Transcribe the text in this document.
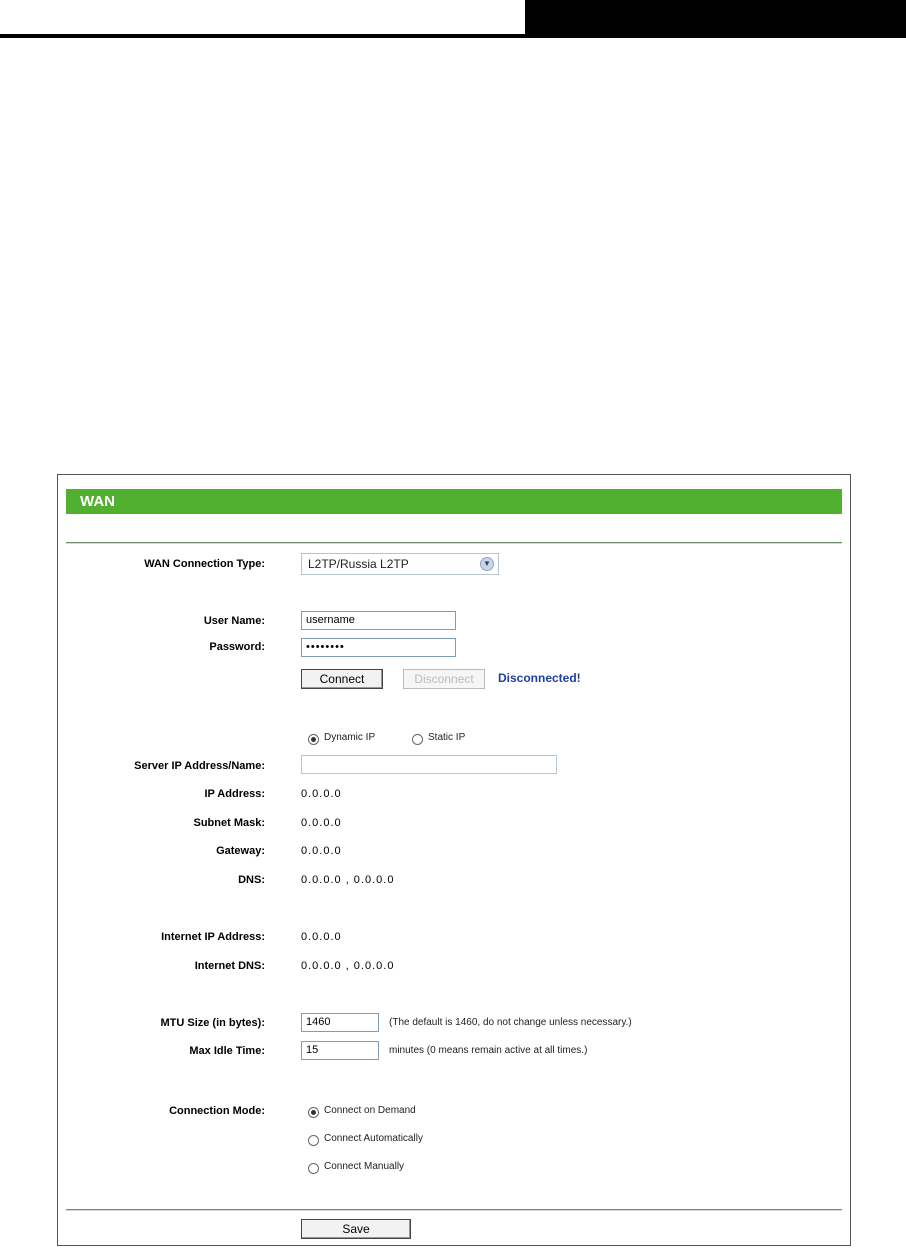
WAN
WAN Connection Type:	L2TP/Russia L2TP	▼
User Name:	username
Password:	••••••••
Connect	Disconnect	Disconnected!
Dynamic IP	Static IP
Server IP Address/Name:
IP Address:	0.0.0.0
Subnet Mask:	0.0.0.0
Gateway:	0.0.0.0
DNS:	0.0.0.0 , 0.0.0.0
Internet IP Address:	0.0.0.0
Internet DNS:	0.0.0.0 , 0.0.0.0
MTU Size (in bytes):	1460	(The default is 1460, do not change unless necessary.)
Max Idle Time:	15	minutes (0 means remain active at all times.)
Connection Mode:	Connect on Demand
Connect Automatically
Connect Manually
Save
